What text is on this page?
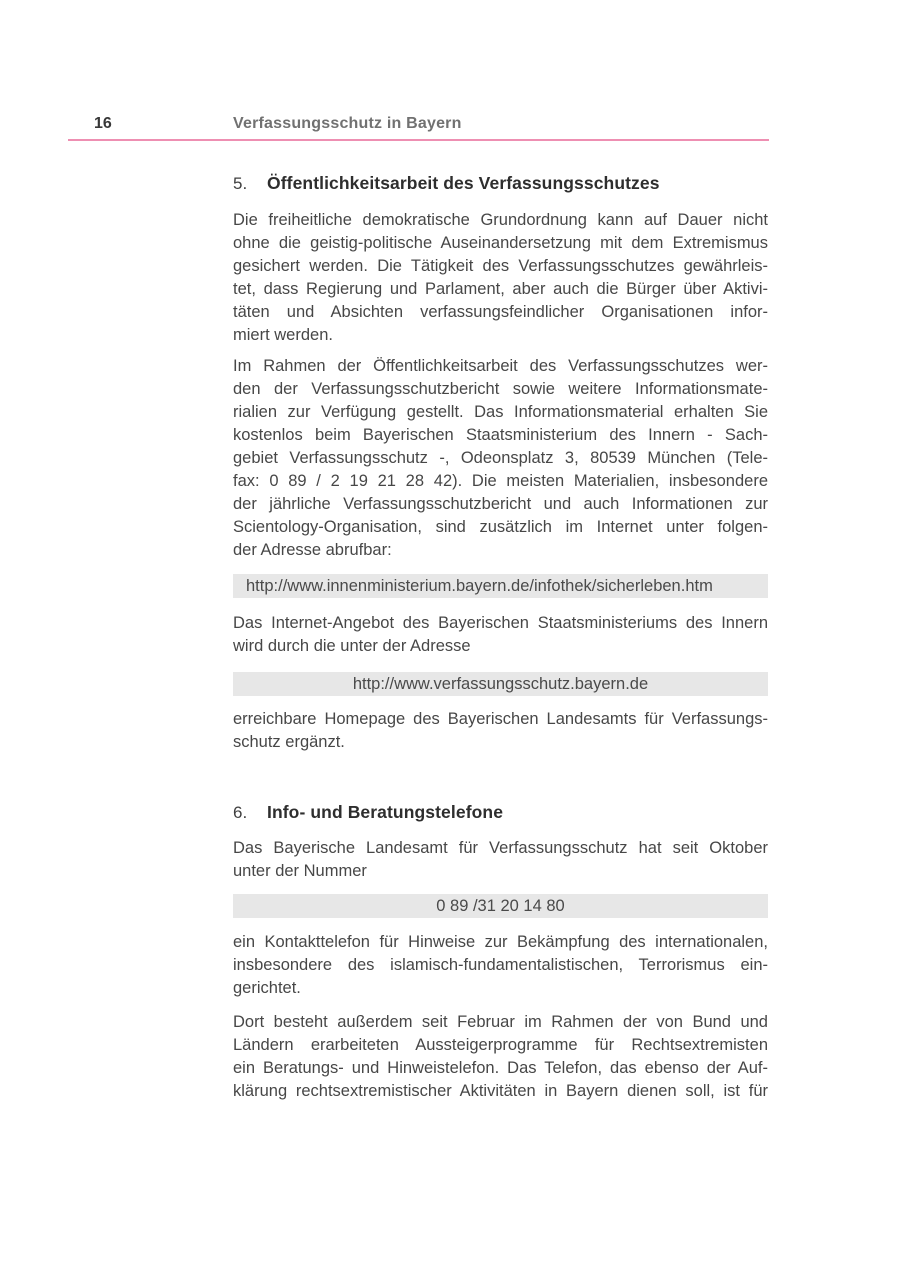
16	Verfassungsschutz in Bayern
5.	Öffentlichkeitsarbeit des Verfassungsschutzes
Die freiheitliche demokratische Grundordnung kann auf Dauer nicht
ohne die geistig-politische Auseinandersetzung mit dem Extremismus
gesichert werden. Die Tätigkeit des Verfassungsschutzes gewährleis-
tet, dass Regierung und Parlament, aber auch die Bürger über Aktivi-
täten und Absichten verfassungsfeindlicher Organisationen infor-
miert werden.
Im Rahmen der Öffentlichkeitsarbeit des Verfassungsschutzes wer-
den der Verfassungsschutzbericht sowie weitere Informationsmate-
rialien zur Verfügung gestellt. Das Informationsmaterial erhalten Sie
kostenlos beim Bayerischen Staatsministerium des Innern - Sach-
gebiet Verfassungsschutz -, Odeonsplatz 3, 80539 München (Tele-
fax: 0 89 / 2 19 21 28 42). Die meisten Materialien, insbesondere
der jährliche Verfassungsschutzbericht und auch Informationen zur
Scientology-Organisation, sind zusätzlich im Internet unter folgen-
der Adresse abrufbar:
http://www.innenministerium.bayern.de/infothek/sicherleben.htm
Das Internet-Angebot des Bayerischen Staatsministeriums des Innern
wird durch die unter der Adresse
http://www.verfassungsschutz.bayern.de
erreichbare Homepage des Bayerischen Landesamts für Verfassungs-
schutz ergänzt.
6.	Info- und Beratungstelefone
Das Bayerische Landesamt für Verfassungsschutz hat seit Oktober
unter der Nummer
0 89 /31 20 14 80
ein Kontakttelefon für Hinweise zur Bekämpfung des internationalen,
insbesondere des islamisch-fundamentalistischen, Terrorismus ein-
gerichtet.
Dort besteht außerdem seit Februar im Rahmen der von Bund und
Ländern erarbeiteten Aussteigerprogramme für Rechtsextremisten
ein Beratungs- und Hinweistelefon. Das Telefon, das ebenso der Auf-
klärung rechtsextremistischer Aktivitäten in Bayern dienen soll, ist für
